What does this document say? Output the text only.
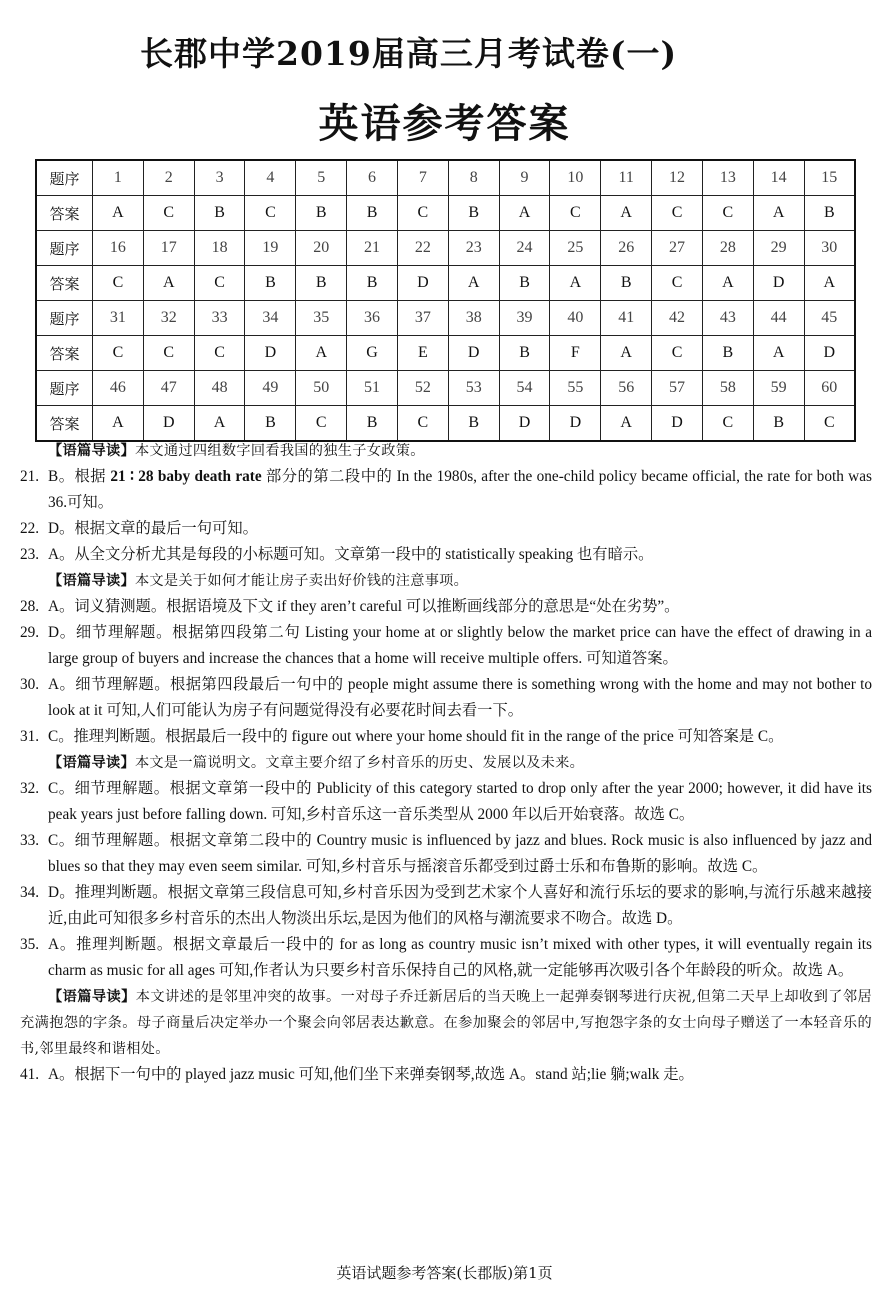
长郡中学2019届高三月考试卷(一)
英语参考答案
题序	1	2	3	4	5	6	7	8	9	10	11	12	13	14	15
答案	A	C	B	C	B	B	C	B	A	C	A	C	C	A	B
题序	16	17	18	19	20	21	22	23	24	25	26	27	28	29	30
答案	C	A	C	B	B	B	D	A	B	A	B	C	A	D	A
题序	31	32	33	34	35	36	37	38	39	40	41	42	43	44	45
答案	C	C	C	D	A	G	E	D	B	F	A	C	B	A	D
题序	46	47	48	49	50	51	52	53	54	55	56	57	58	59	60
答案	A	D	A	B	C	B	C	B	D	D	A	D	C	B	C

【语篇导读】本文通过四组数字回看我国的独生子女政策。

21. B。根据 21 ∶ 28 baby death rate 部分的第二段中的 In the 1980s, after the one-child policy became official, the rate for both was 36.可知。
22. D。根据文章的最后一句可知。
23. A。从全文分析尤其是每段的小标题可知。文章第一段中的 statistically speaking 也有暗示。

【语篇导读】本文是关于如何才能让房子卖出好价钱的注意事项。

28. A。词义猜测题。根据语境及下文 if they aren’t careful 可以推断画线部分的意思是“处在劣势”。
29. D。细节理解题。根据第四段第二句 Listing your home at or slightly below the market price can have the effect of drawing in a large group of buyers and increase the chances that a home will receive multiple offers. 可知道答案。
30. A。细节理解题。根据第四段最后一句中的 people might assume there is something wrong with the home and may not bother to look at it 可知,人们可能认为房子有问题觉得没有必要花时间去看一下。
31. C。推理判断题。根据最后一段中的 figure out where your home should fit in the range of the price 可知答案是 C。

【语篇导读】本文是一篇说明文。文章主要介绍了乡村音乐的历史、发展以及未来。

32. C。细节理解题。根据文章第一段中的 Publicity of this category started to drop only after the year 2000; however, it did have its peak years just before falling down. 可知,乡村音乐这一音乐类型从 2000 年以后开始衰落。故选 C。
33. C。细节理解题。根据文章第二段中的 Country music is influenced by jazz and blues. Rock music is also influenced by jazz and blues so that they may even seem similar. 可知,乡村音乐与摇滚音乐都受到过爵士乐和布鲁斯的影响。故选 C。
34. D。推理判断题。根据文章第三段信息可知,乡村音乐因为受到艺术家个人喜好和流行乐坛的要求的影响,与流行乐越来越接近,由此可知很多乡村音乐的杰出人物淡出乐坛,是因为他们的风格与潮流要求不吻合。故选 D。
35. A。推理判断题。根据文章最后一段中的 for as long as country music isn’t mixed with other types, it will eventually regain its charm as music for all ages 可知,作者认为只要乡村音乐保持自己的风格,就一定能够再次吸引各个年龄段的听众。故选 A。

【语篇导读】本文讲述的是邻里冲突的故事。一对母子乔迁新居后的当天晚上一起弹奏钢琴进行庆祝,但第二天早上却收到了邻居充满抱怨的字条。母子商量后决定举办一个聚会向邻居表达歉意。在参加聚会的邻居中,写抱怨字条的女士向母子赠送了一本轻音乐的书,邻里最终和谐相处。

41. A。根据下一句中的 played jazz music 可知,他们坐下来弹奏钢琴,故选 A。stand 站;lie 躺;walk 走。
英语试题参考答案(长郡版)第1页
